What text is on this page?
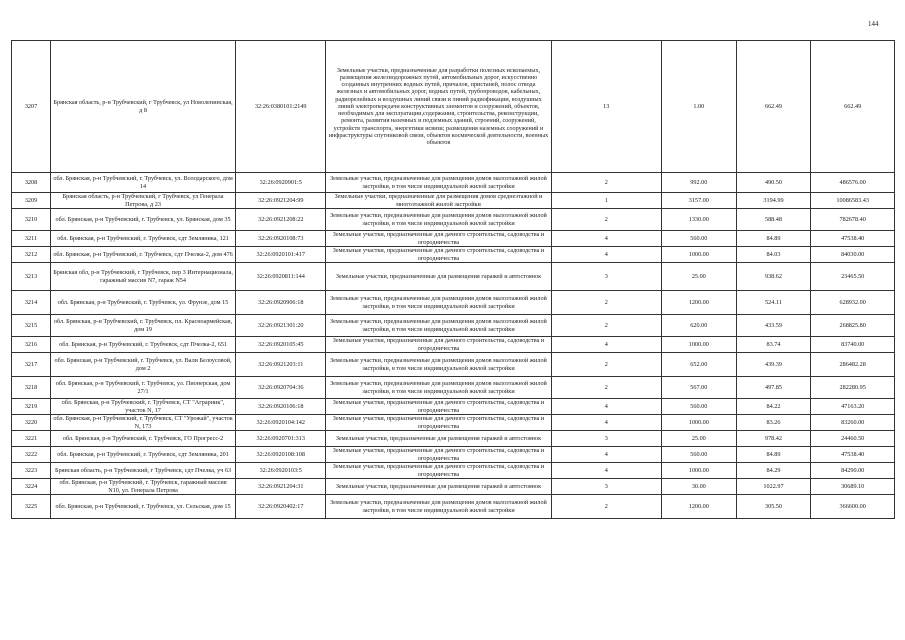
144
3207	Брянская область, р-н Трубчевский, г Трубчевск, ул Новоленинская, д 8	32:26:0380101:2149	Земельные участки, предназначенные для разработки полезных ископаемых, размещения железнодорожных путей, автомобильных дорог, искусственно созданных внутренних водных путей, причалов, пристаней, полос отвода железных и автомобильных дорог, водных путей, трубопроводов, кабельных, радиорелейных и воздушных линий связи и линий радиофикации, воздушных линий электропередачи конструктивных элементов и сооружений, объектов, необходимых для эксплуатации,содержания, строительства, реконструкции, ремонта, развития наземных и подземных зданий, строений, сооружений, устройств транспорта, энергетики исвязи; размещения наземных сооружений и инфраструктуры спутниковой связи, объектов космической деятельности, военных объектов	13	1.00	662.49	662.49
3208	обл. Брянская, р-н Трубчевский, г. Трубчевск, ул. Володарского, дом 14	32:26:0920901:5	Земельные участки, предназначенные для размещения домов малоэтажной жилой застройки, в том числе индивидуальной жилой застройки	2	992.00	490.50	486576.00
3209	Брянская область, р-н Трубчевский, г Трубчевск, ул Генерала Петрова, д 23	32:26:0921204:99	Земельные участки, предназначенные для размещения домов среднеэтажной и многоэтажной жилой застройки	1	3157.00	3194.99	10086583.43
3210	обл. Брянская, р-н Трубчевский, г. Трубчевск, ул. Брянская, дом 35	32:26:0921208:22	Земельные участки, предназначенные для размещения домов малоэтажной жилой застройки, в том числе индивидуальной жилой застройки	2	1330.00	588.48	782678.40
3211	обл. Брянская, р-н Трубчевский, г. Трубчевск, сдт Земляника, 121	32:26:0920108:73	Земельные участки, предназначенные для дачного строительства, садоводства и огородничества	4	560.00	84.89	47538.40
3212	обл. Брянская, р-н Трубчевский, г. Трубчевск, сдт Пчелка-2, дом 476	32:26:0920101:417	Земельные участки, предназначенные для дачного строительства, садоводства и огородничества	4	1000.00	84.03	84030.00
3213	Брянская обл, р-н Трубчевский, г Трубчевск, пер 3 Интернационала, гаражный массив N7, гараж N54	32:26:0920811:144	Земельные участки, предназначенные для размещения гаражей и автостоянок	3	25.00	938.62	23465.50
3214	обл. Брянская, р-н Трубчевский, г. Трубчевск, ул. Фрунзе, дом 15	32:26:0920906:18	Земельные участки, предназначенные для размещения домов малоэтажной жилой застройки, в том числе индивидуальной жилой застройки	2	1200.00	524.11	628932.00
3215	обл. Брянская, р-н Трубчевский, г. Трубчевск, пл. Красноармейская, дом 19	32:26:0921301:20	Земельные участки, предназначенные для размещения домов малоэтажной жилой застройки, в том числе индивидуальной жилой застройки	2	620.00	433.59	268825.80
3216	обл. Брянская, р-н Трубчевский, г. Трубчевск, сдт Пчелка-2, 651	32:26:0920105:45	Земельные участки, предназначенные для дачного строительства, садоводства и огородничества	4	1000.00	83.74	83740.00
3217	обл. Брянская, р-н Трубчевский, г. Трубчевск, ул. Вали Белоусовой, дом 2	32:26:0921203:11	Земельные участки, предназначенные для размещения домов малоэтажной жилой застройки, в том числе индивидуальной жилой застройки	2	652.00	439.39	286482.28
3218	обл. Брянская, р-н Трубчевский, г. Трубчевск, ул. Пионерская, дом 27/1	32:26:0920704:36	Земельные участки, предназначенные для размещения домов малоэтажной жилой застройки, в том числе индивидуальной жилой застройки	2	567.00	497.85	282280.95
3219	обл. Брянская, р-н Трубчевский, г. Трубчевск, СТ "Аграрник", участок N, 17	32:26:0920106:18	Земельные участки, предназначенные для дачного строительства, садоводства и огородничества	4	560.00	84.22	47163.20
3220	обл. Брянская, р-н Трубчевский, г. Трубчевск, СТ "Урожай", участок N, 173	32:26:0920104:142	Земельные участки, предназначенные для дачного строительства, садоводства и огородничества	4	1000.00	83.26	83260.00
3221	обл. Брянская, р-н Трубчевский, г. Трубчевск, ГО Прогресс-2	32:26:0920701:313	Земельные участки, предназначенные для размещения гаражей и автостоянок	3	25.00	978.42	24460.50
3222	обл. Брянская, р-н Трубчевский, г. Трубчевск, сдт Земляника, 201	32:26:0920108:108	Земельные участки, предназначенные для дачного строительства, садоводства и огородничества	4	560.00	84.89	47538.40
3223	Брянская область, р-н Трубчевский, г Трубчевск, сдт Пчелка, уч 63	32:26:0920103:5	Земельные участки, предназначенные для дачного строительства, садоводства и огородничества	4	1000.00	84.29	84290.00
3224	обл. Брянская, р-н Трубчевский, г. Трубчевск, гаражный массив N10, ул. Генерала Петрова	32:26:0921204:31	Земельные участки, предназначенные для размещения гаражей и автостоянок	3	30.00	1022.97	30689.10
3225	обл. Брянская, р-н Трубчевский, г. Трубчевск, ул. Сельская, дом 15	32:26:0920402:17	Земельные участки, предназначенные для размещения домов малоэтажной жилой застройки, в том числе индивидуальной жилой застройки	2	1200.00	305.50	366600.00
